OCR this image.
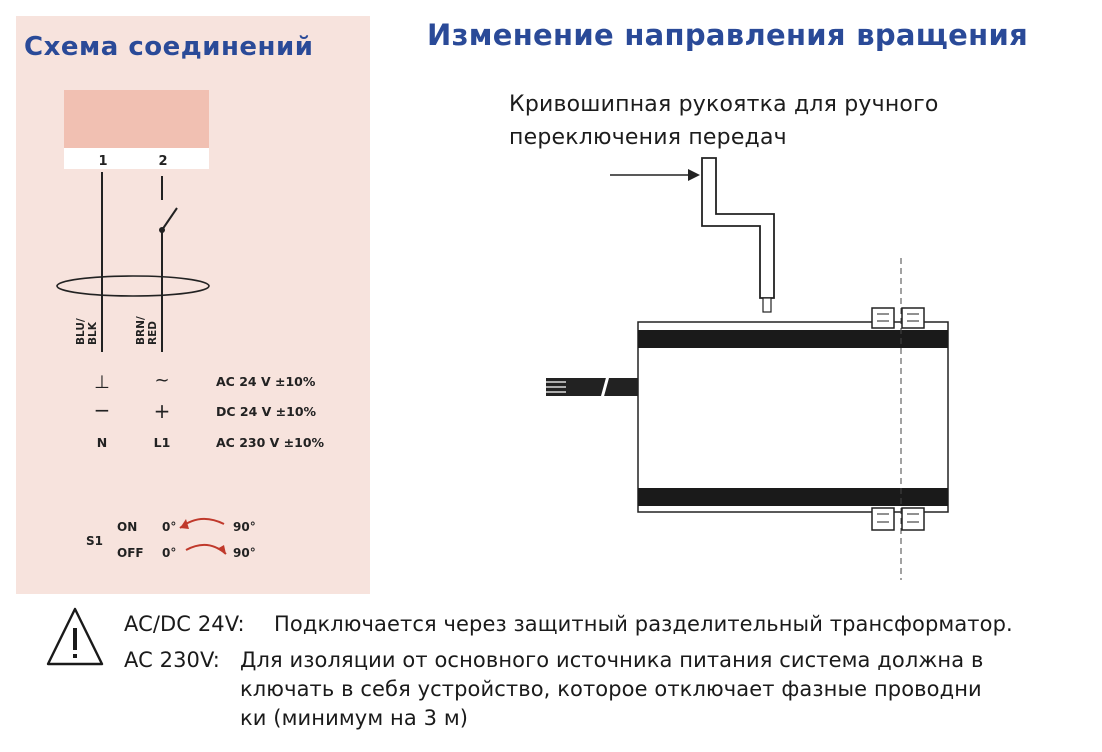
Схема соединений	Изменение направления вращения
1	2
BLU/ BLK	BRN/ RED
⊥ ~	AC 24 V ±10%
− +	DC 24 V ±10%
N	L1	AC 230 V ±10%
S1
ON 0°	90°
OFF 0°	90°
Кривошипная рукоятка для ручного
переключения передач
AC/DC 24V: Подключается через защитный разделительный трансформатор.
AC 230V: Для изоляции от основного источника питания система должна в
ключать в себя устройство, которое отключает фазные проводни
ки (минимум на 3 м)
